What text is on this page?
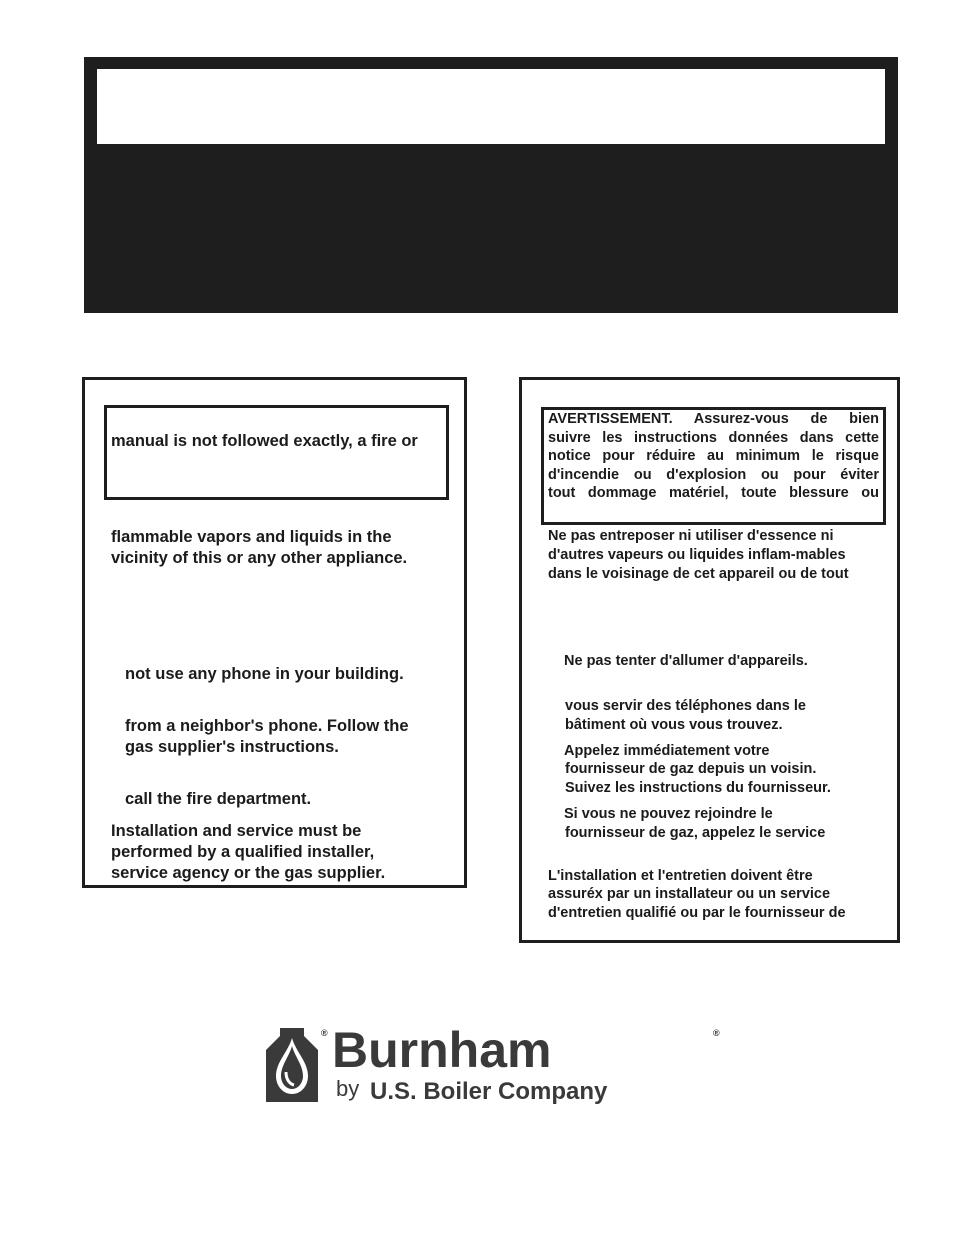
manual is not followed exactly, a fire or
flammable vapors and liquids in the
vicinity of this or any other appliance.
not use any phone in your building.
from a neighbor's phone. Follow the
gas supplier's instructions.
call the fire department.
Installation and service must be
performed by a qualified installer,
service agency or the gas supplier.
AVERTISSEMENT. Assurez-vous de bien
suivre les instructions données dans cette
notice pour réduire au minimum le risque
d'incendie ou d'explosion ou pour éviter
tout dommage matériel, toute blessure ou
Ne pas entreposer ni utiliser d'essence ni
d'autres vapeurs ou liquides inflam-mables
dans le voisinage de cet appareil ou de tout
Ne pas tenter d'allumer d'appareils.
vous servir des téléphones dans le
bâtiment où vous vous trouvez.
Appelez immédiatement votre
fournisseur de gaz depuis un voisin.
Suivez les instructions du fournisseur.
Si vous ne pouvez rejoindre le
fournisseur de gaz, appelez le service
L'installation et l'entretien doivent être
assuréx par un installateur ou un service
d'entretien qualifié ou par le fournisseur de
® Burnham	®
by U.S. Boiler Company
